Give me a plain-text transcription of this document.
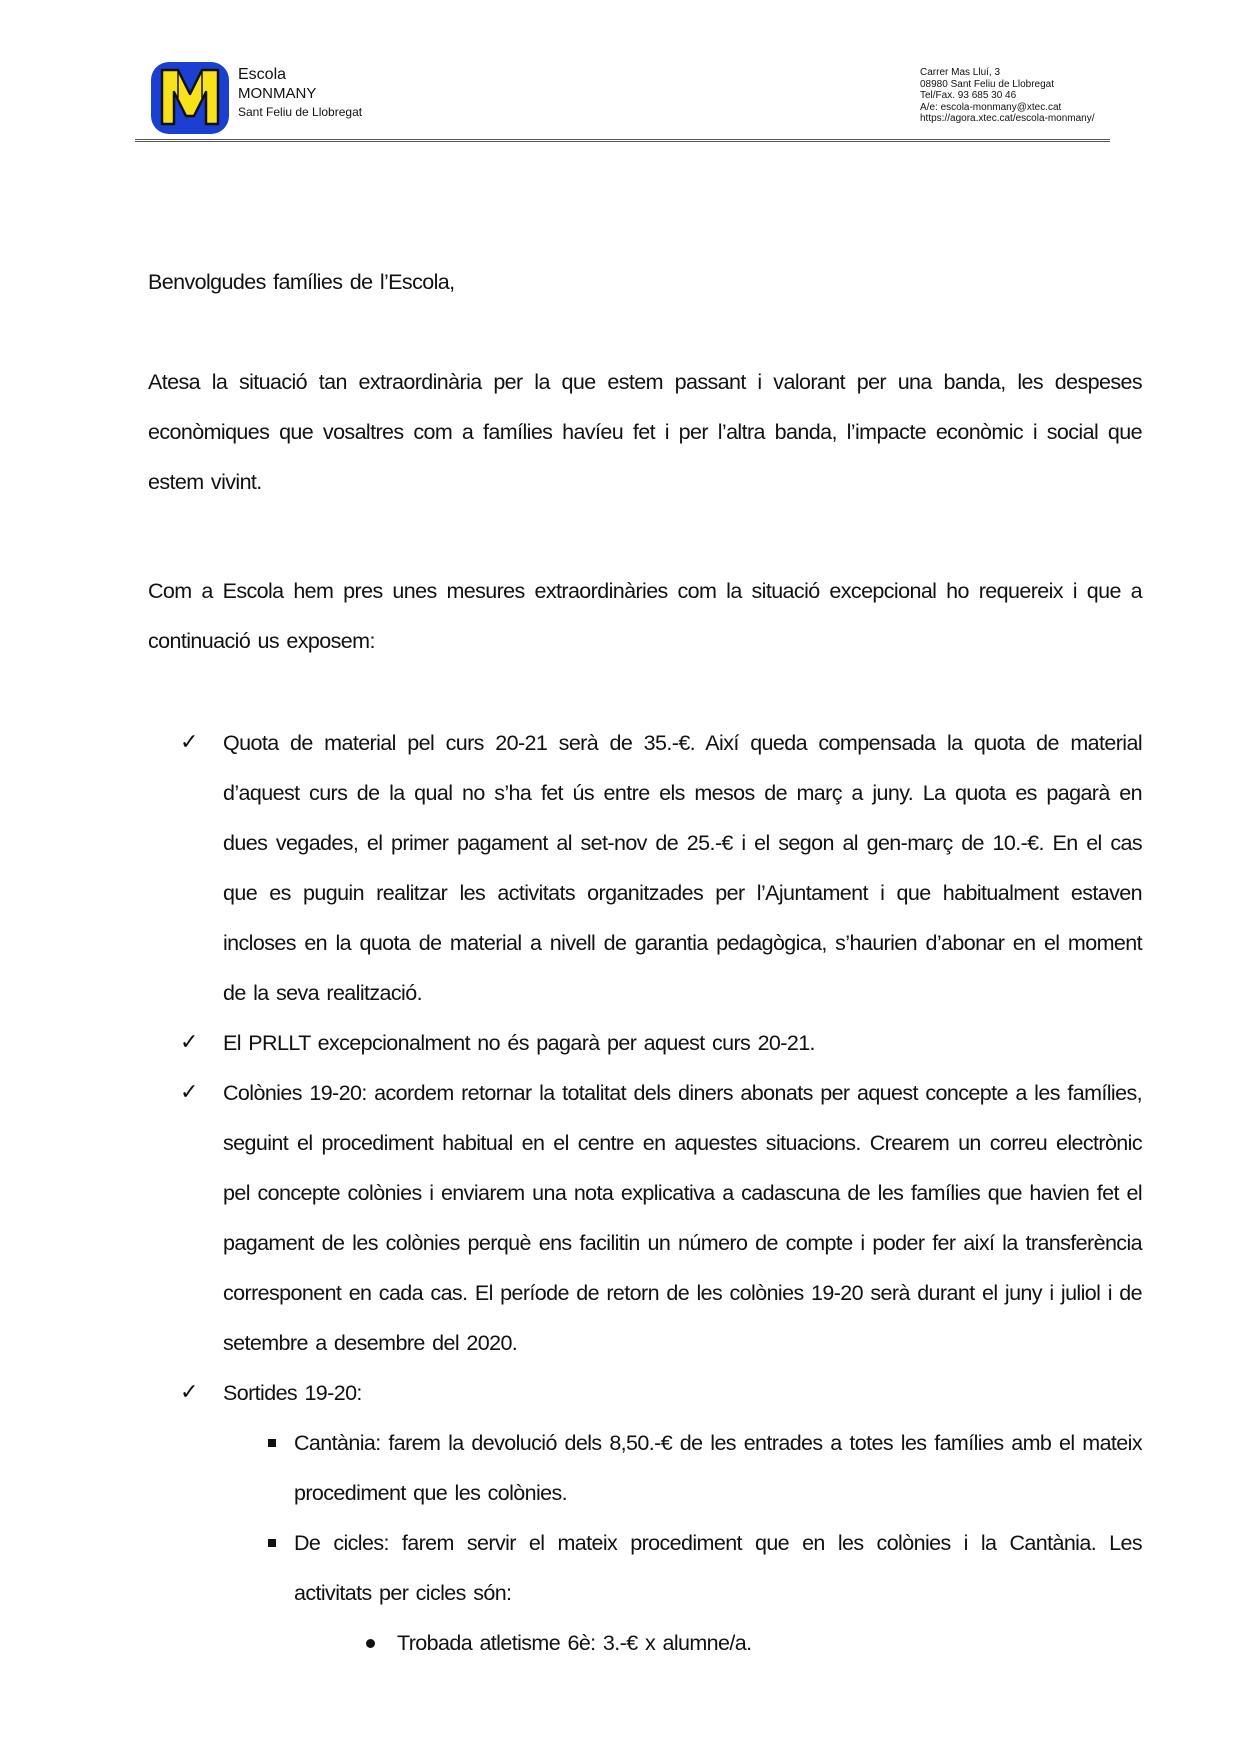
Escola
MONMANY
Sant Feliu de Llobregat
Carrer Mas Lluí, 3
08980 Sant Feliu de Llobregat
Tel/Fax. 93 685 30 46
A/e: escola-monmany@xtec.cat
https://agora.xtec.cat/escola-monmany/
Benvolgudes famílies de l’Escola,
Atesa la situació tan extraordinària per la que estem passant i valorant per una banda, les despeses econòmiques que vosaltres com a famílies havíeu fet i per l’altra banda, l’impacte econòmic i social que estem vivint.
Com a Escola hem pres unes mesures extraordinàries com la situació excepcional ho requereix i que a continuació us exposem:
✓ Quota de material pel curs 20-21 serà de 35.-€. Així queda compensada la quota de material d’aquest curs de la qual no s’ha fet ús entre els mesos de març a juny. La quota es pagarà en dues vegades, el primer pagament al set-nov de 25.-€ i el segon al gen-març de 10.-€. En el cas que es puguin realitzar les activitats organitzades per l’Ajuntament i que habitualment estaven incloses en la quota de material a nivell de garantia pedagògica, s’haurien d’abonar en el moment de la seva realització.
✓ El PRLLT excepcionalment no és pagarà per aquest curs 20-21.
✓ Colònies 19-20: acordem retornar la totalitat dels diners abonats per aquest concepte a les famílies, seguint el procediment habitual en el centre en aquestes situacions. Crearem un correu electrònic pel concepte colònies i enviarem una nota explicativa a cadascuna de les famílies que havien fet el pagament de les colònies perquè ens facilitin un número de compte i poder fer així la transferència corresponent en cada cas. El període de retorn de les colònies 19-20 serà durant el juny i juliol i de setembre a desembre del 2020.
✓ Sortides 19-20:
Cantània: farem la devolució dels 8,50.-€ de les entrades a totes les famílies amb el mateix procediment que les colònies.
De cicles: farem servir el mateix procediment que en les colònies i la Cantània. Les activitats per cicles són:
Trobada atletisme 6è: 3.-€ x alumne/a.
